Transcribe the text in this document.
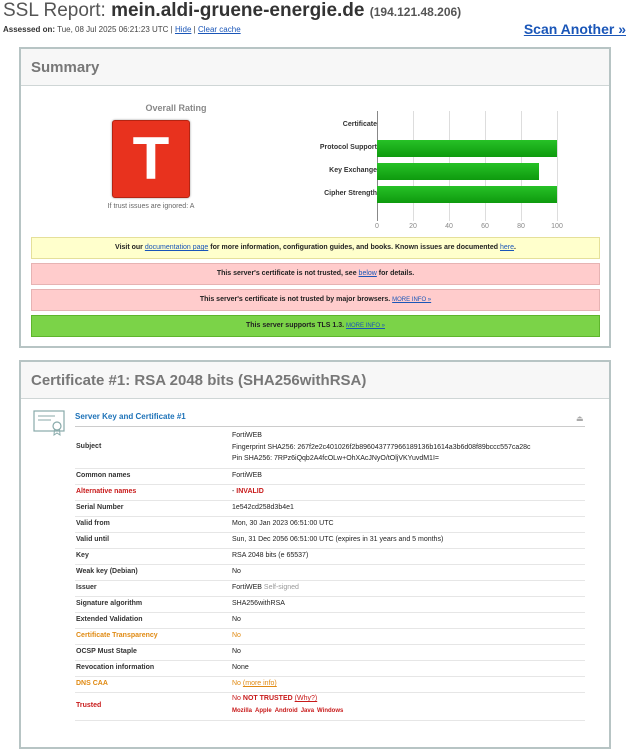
SSL Report: mein.aldi-gruene-energie.de (194.121.48.206)
Assessed on: Tue, 08 Jul 2025 06:21:23 UTC | Hide | Clear cache	Scan Another »
Summary
Overall Rating
T
If trust issues are ignored: A
0	20	40	60	80	100
Certificate
Protocol Support
Key Exchange
Cipher Strength
Visit our documentation page for more information, configuration guides, and books. Known issues are documented here.
This server's certificate is not trusted, see below for details.
This server's certificate is not trusted by major browsers. MORE INFO »
This server supports TLS 1.3. MORE INFO »
Certificate #1: RSA 2048 bits (SHA256withRSA)
Server Key and Certificate #1	⏏
Subject
FortiWEB
Fingerprint SHA256: 267f2e2c401026f2b896043777966189136b1614a3b6d08f89bccc557ca28c
Pin SHA256: 7RPz6iQqb2A4fcOLw+OhXAcJNyO/tOljVKYuvdM1I=
Common names	FortiWEB
Alternative names	- INVALID
Serial Number	1e542cd258d3b4e1
Valid from	Mon, 30 Jan 2023 06:51:00 UTC
Valid until	Sun, 31 Dec 2056 06:51:00 UTC (expires in 31 years and 5 months)
Key	RSA 2048 bits (e 65537)
Weak key (Debian)	No
Issuer	FortiWEB Self-signed
Signature algorithm	SHA256withRSA
Extended Validation	No
Certificate Transparency	No
OCSP Must Staple	No
Revocation information	None
DNS CAA	No (more info)
Trusted
No NOT TRUSTED (Why?)
Mozilla Apple Android Java Windows
